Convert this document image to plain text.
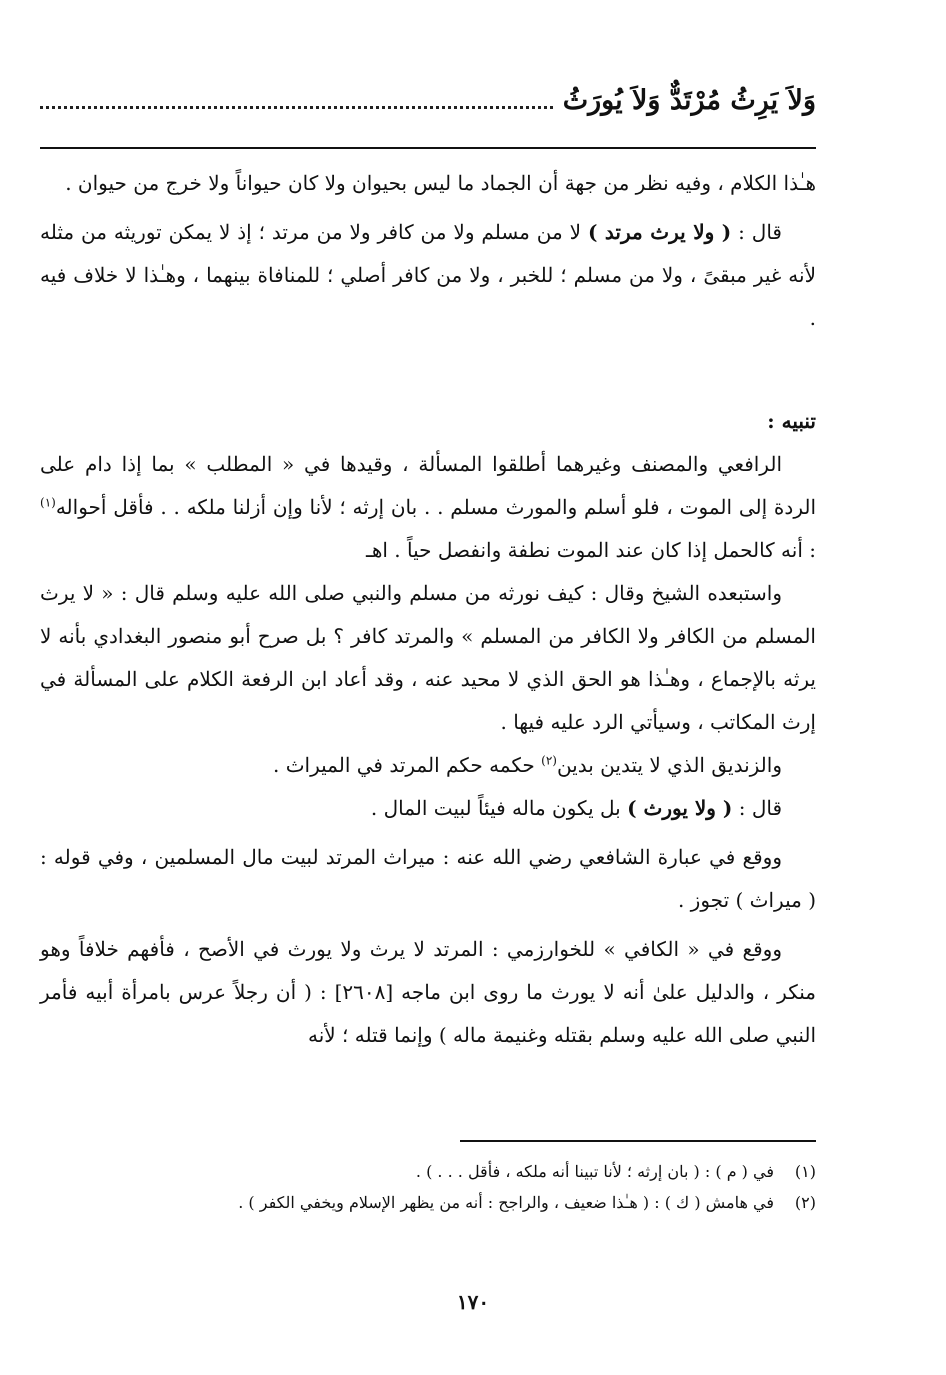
وَلاَ يَرِثُ مُرْتَدٌّ وَلاَ يُورَثُ

هـٰذا الكلام ، وفيه نظر من جهة أن الجماد ما ليس بحيوان ولا كان حيواناً ولا خرج من حيوان .

قال : ( ولا يرث مرتد ) لا من مسلم ولا من كافر ولا من مرتد ؛ إذ لا يمكن توريثه من مثله لأنه غير مبقىً ، ولا من مسلم ؛ للخبر ، ولا من كافر أصلي ؛ للمنافاة بينهما ، وهـٰذا لا خلاف فيه .

تنبيه :

الرافعي والمصنف وغيرهما أطلقوا المسألة ، وقيدها في « المطلب » بما إذا دام على الردة إلى الموت ، فلو أسلم والمورث مسلم . . بان إرثه ؛ لأنا وإن أزلنا ملكه . . فأقل أحواله$^{(١)}$ : أنه كالحمل إذا كان عند الموت نطفة وانفصل حياً . اهـ

واستبعده الشيخ وقال : كيف نورثه من مسلم والنبي صلى الله عليه وسلم قال : « لا يرث المسلم من الكافر ولا الكافر من المسلم » والمرتد كافر ؟ بل صرح أبو منصور البغدادي بأنه لا يرثه بالإجماع ، وهـٰذا هو الحق الذي لا محيد عنه ، وقد أعاد ابن الرفعة الكلام على المسألة في إرث المكاتب ، وسيأتي الرد عليه فيها .

والزنديق الذي لا يتدين بدين$^{(٢)}$ حكمه حكم المرتد في الميراث .

قال : ( ولا يورث ) بل يكون ماله فيئاً لبيت المال .

ووقع في عبارة الشافعي رضي الله عنه : ميراث المرتد لبيت مال المسلمين ، وفي قوله : ( ميراث ) تجوز .

ووقع في « الكافي » للخوارزمي : المرتد لا يرث ولا يورث في الأصح ، فأفهم خلافاً وهو منكر ، والدليل علىٰ أنه لا يورث ما روى ابن ماجه [٢٦٠٨] : ( أن رجلاً عرس بامرأة أبيه فأمر النبي صلى الله عليه وسلم بقتله وغنيمة ماله ) وإنما قتله ؛ لأنه

(١)
في ( م ) : ( بان إرثه ؛ لأنا تبينا أنه ملكه ، فأقل . . . ) .
(٢)
في هامش ( ك ) : ( هـٰذا ضعيف ، والراجح : أنه من يظهر الإسلام ويخفي الكفر ) .
١٧٠
